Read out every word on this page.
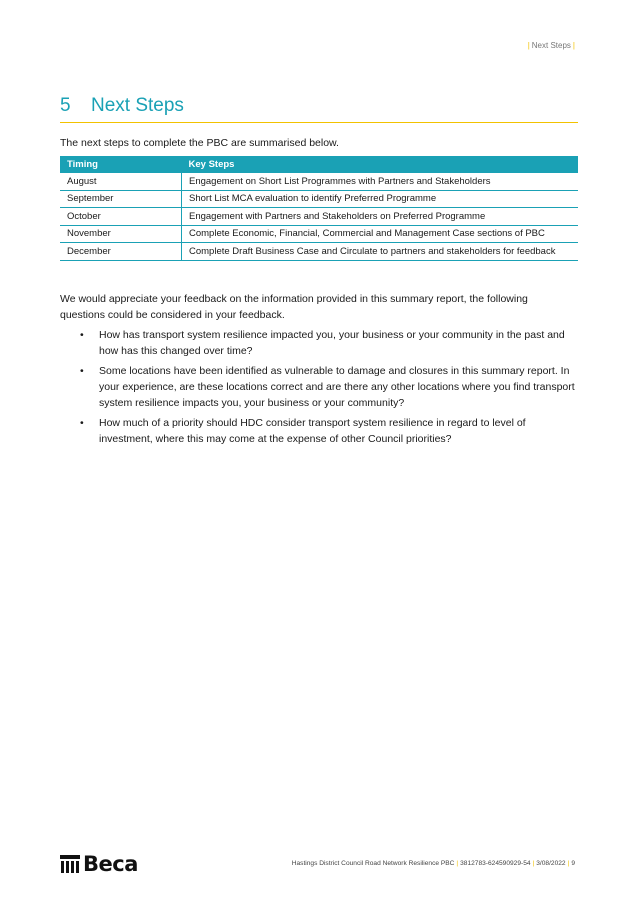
| Next Steps |
5 Next Steps
The next steps to complete the PBC are summarised below.
Timing	Key Steps
August	Engagement on Short List Programmes with Partners and Stakeholders
September	Short List MCA evaluation to identify Preferred Programme
October	Engagement with Partners and Stakeholders on Preferred Programme
November	Complete Economic, Financial, Commercial and Management Case sections of PBC
December	Complete Draft Business Case and Circulate to partners and stakeholders for feedback
We would appreciate your feedback on the information provided in this summary report, the following questions could be considered in your feedback.
• How has transport system resilience impacted you, your business or your community in the past and how has this changed over time?
• Some locations have been identified as vulnerable to damage and closures in this summary report. In your experience, are these locations correct and are there any other locations where you find transport system resilience impacts you, your business or your community?
• How much of a priority should HDC consider transport system resilience in regard to level of investment, where this may come at the expense of other Council priorities?
Beca	Hastings District Council Road Network Resilience PBC | 3812783-624590929-54 | 3/08/2022 | 9
